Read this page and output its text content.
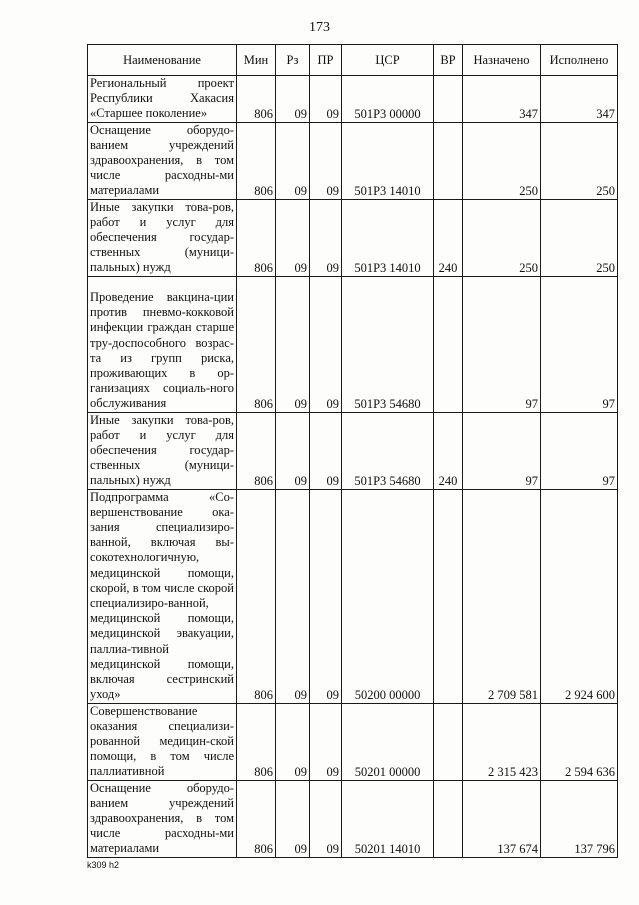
173
Наименование	Мин	Рз	ПР	ЦСР	ВР	Назначено	Исполнено
Региональный проект Республики Хакасия «Старшее поколение»	806	09	09	501P3 00000		347	347
Оснащение оборудо-ванием учреждений здравоохранения, в том числе расходны-ми материалами	806	09	09	501P3 14010		250	250
Иные закупки това-ров, работ и услуг для обеспечения государ-ственных (муници-пальных) нужд	806	09	09	501P3 14010	240	250	250
Проведение вакцина-ции против пневмо-кокковой инфекции граждан старше тру-доспособного возрас-та из групп риска, проживающих в ор-ганизациях социаль-ного обслуживания	806	09	09	501P3 54680		97	97
Иные закупки това-ров, работ и услуг для обеспечения государ-ственных (муници-пальных) нужд	806	09	09	501P3 54680	240	97	97
Подпрограмма «Со-вершенствование ока-зания специализиро-ванной, включая вы-сокотехнологичную, медицинской помощи, скорой, в том числе скорой специализиро-ванной, медицинской помощи, медицинской эвакуации, паллиа-тивной медицинской помощи, включая сестринский уход»	806	09	09	50200 00000		2 709 581	2 924 600
Совершенствование оказания специализи-рованной медицин-ской помощи, в том числе паллиативной	806	09	09	50201 00000		2 315 423	2 594 636
Оснащение оборудо-ванием учреждений здравоохранения, в том числе расходны-ми материалами	806	09	09	50201 14010		137 674	137 796
k309 h2
